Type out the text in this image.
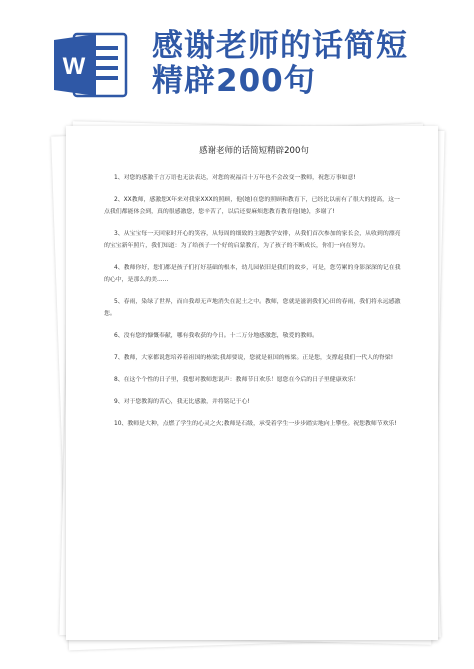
W
感谢老师的话简短
精辟200句
感谢老师的话简短精辟200句

1、对您的感激千言万语也无法表达，对您的祝福百十万年也不会改变一教师，祝您万事如意!

2、XX教师，感激您X年来对我家XXX的照顾，他(她)在您的照顾和教育下，已经比以前有了很大的提高，这一点我们都能体会到，真的很感激您，您辛苦了，以后还要麻烦您教育教育他(她)，多谢了!

3、从宝宝每一天回家时开心的笑容，从每周的细致的主题教学安排，从我们首次参加的家长会，从收到的漂亮的宝宝新年照片，我们知道：为了给孩子一个好的启蒙教育，为了孩子的不断成长，你们一向在努力。

4、教师你好，您们都是孩子们打好基础的根本，幼儿园依旧是我们的故乡，可是，您劳累的身影深深的记在我的心中，是那么的美......

5、春雨，染绿了世界，而自我却无声地消失在泥土之中。教师，您就是滋润我们心田的春雨，我们将永远感激您。

6、没有您的慷慨奉献，哪有我收获的今日。十二万分地感激您，敬爱的教师。

7、教师，大家都说您培养着祖国的栋梁;我却要说，您就是祖国的栋梁。正是您，支撑起我们一代人的脊梁!

8、在这个个性的日子里，我想对教师您说声：教师节日欢乐！愿您在今后的日子里健康欢乐！

9、对于您教海的苦心，我无比感激，并将铭记于心!

10、教师是大种，点燃了学生的心灵之火;教师是石级，承受着学生一步步踏实地向上攀登。祝您教师节欢乐!
